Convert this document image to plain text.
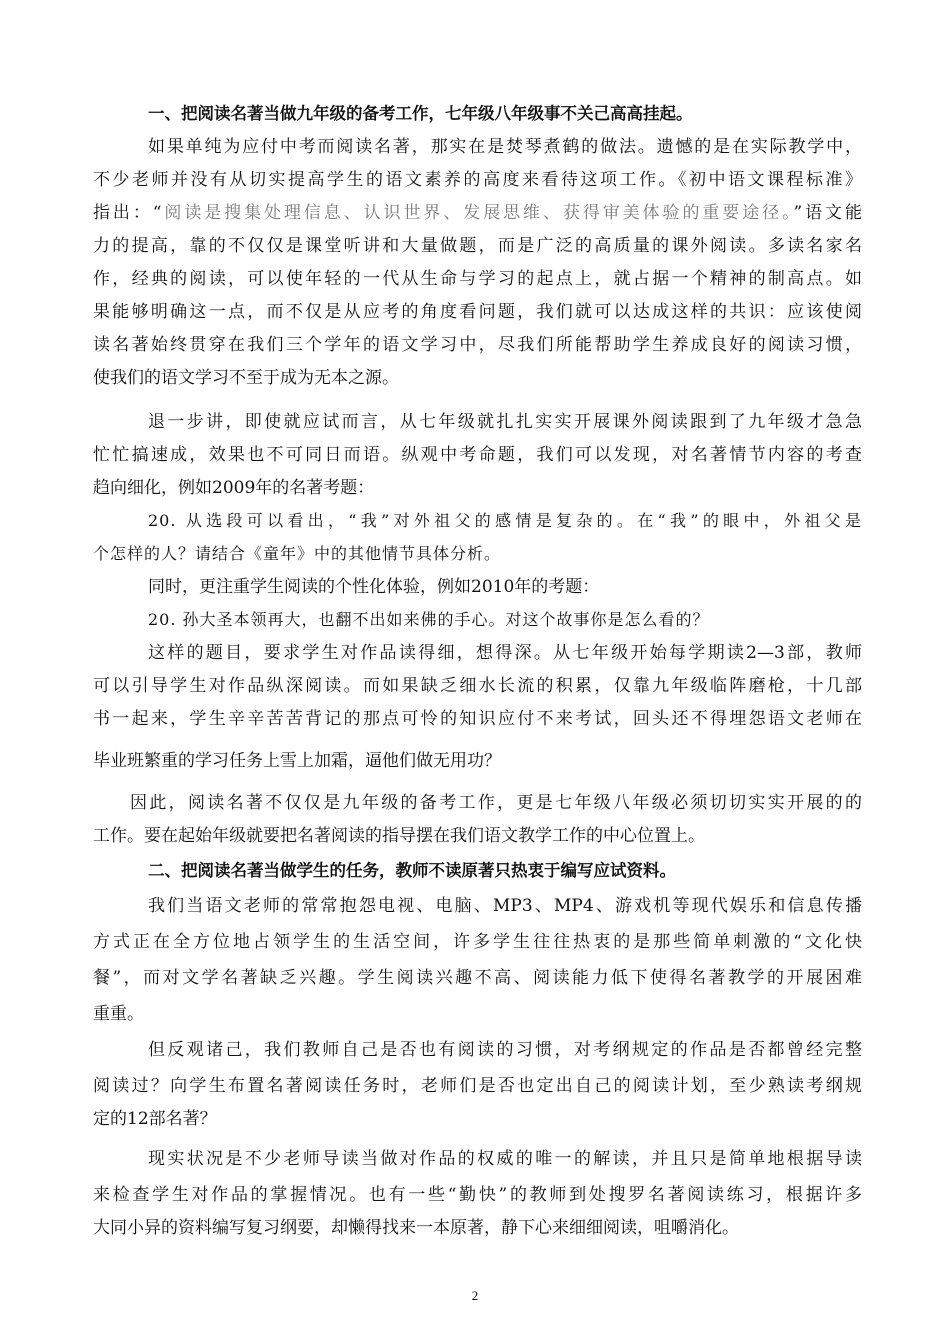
一、把阅读名著当做九年级的备考工作，七年级八年级事不关己高高挂起。
如果单纯为应付中考而阅读名著，那实在是焚琴煮鹤的做法。遗憾的是在实际教学中，
不少老师并没有从切实提高学生的语文素养的高度来看待这项工作。《初中语文课程标准》
指出：“阅读是搜集处理信息、认识世界、发展思维、获得审美体验的重要途径。”语文能
力的提高，靠的不仅仅是课堂听讲和大量做题，而是广泛的高质量的课外阅读。多读名家名
作，经典的阅读，可以使年轻的一代从生命与学习的起点上，就占据一个精神的制高点。如
果能够明确这一点，而不仅是从应考的角度看问题，我们就可以达成这样的共识：应该使阅
读名著始终贯穿在我们三个学年的语文学习中，尽我们所能帮助学生养成良好的阅读习惯，
使我们的语文学习不至于成为无本之源。
退一步讲，即使就应试而言，从七年级就扎扎实实开展课外阅读跟到了九年级才急急
忙忙搞速成，效果也不可同日而语。纵观中考命题，我们可以发现，对名著情节内容的考查
趋向细化，例如2009年的名著考题：
20. 从选段可以看出，“我”对外祖父的感情是复杂的。在“我”的眼中，外祖父是
个怎样的人？请结合《童年》中的其他情节具体分析。
同时，更注重学生阅读的个性化体验，例如2010年的考题：
20. 孙大圣本领再大，也翻不出如来佛的手心。对这个故事你是怎么看的？
这样的题目，要求学生对作品读得细，想得深。从七年级开始每学期读2—3部，教师
可以引导学生对作品纵深阅读。而如果缺乏细水长流的积累，仅靠九年级临阵磨枪，十几部
书一起来，学生辛辛苦苦背记的那点可怜的知识应付不来考试，回头还不得埋怨语文老师在
毕业班繁重的学习任务上雪上加霜，逼他们做无用功？
因此，阅读名著不仅仅是九年级的备考工作，更是七年级八年级必须切切实实开展的的
工作。要在起始年级就要把名著阅读的指导摆在我们语文教学工作的中心位置上。
二、把阅读名著当做学生的任务，教师不读原著只热衷于编写应试资料。
我们当语文老师的常常抱怨电视、电脑、MP3、MP4、游戏机等现代娱乐和信息传播
方式正在全方位地占领学生的生活空间，许多学生往往热衷的是那些简单刺激的“文化快
餐”，而对文学名著缺乏兴趣。学生阅读兴趣不高、阅读能力低下使得名著教学的开展困难
重重。
但反观诸己，我们教师自己是否也有阅读的习惯，对考纲规定的作品是否都曾经完整
阅读过？向学生布置名著阅读任务时，老师们是否也定出自己的阅读计划，至少熟读考纲规
定的12部名著？
现实状况是不少老师导读当做对作品的权威的唯一的解读，并且只是简单地根据导读
来检查学生对作品的掌握情况。也有一些“勤快”的教师到处搜罗名著阅读练习，根据许多
大同小异的资料编写复习纲要，却懒得找来一本原著，静下心来细细阅读，咀嚼消化。
2
